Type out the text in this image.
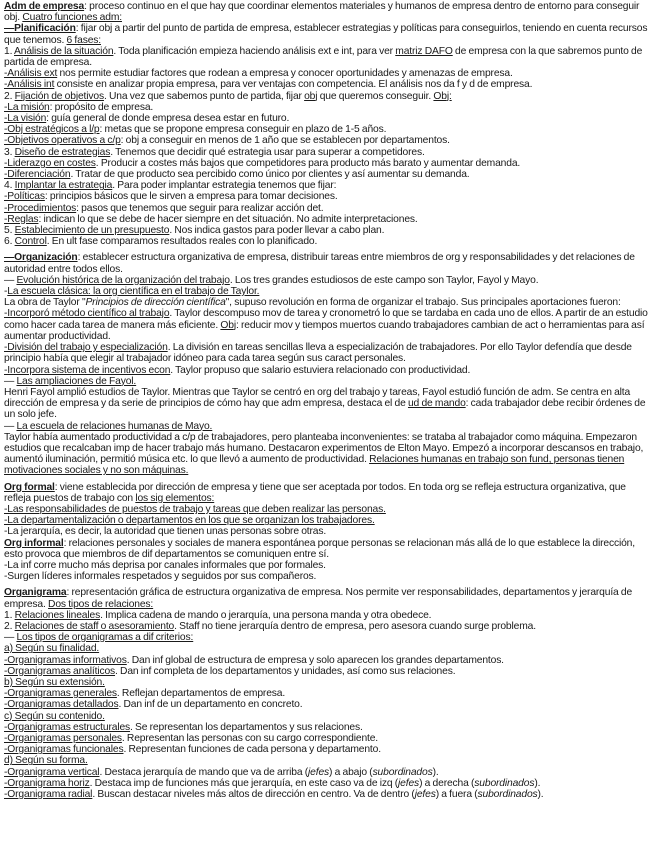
Adm de empresa: proceso continuo en el que hay que coordinar elementos materiales y humanos de empresa dentro de entorno para conseguir obj. Cuatro funciones adm:
—Planificación: fijar obj a partir del punto de partida de empresa, establecer estrategias y políticas para conseguirlos, teniendo en cuenta recursos que tenemos. 6 fases:
1. Análisis de la situación. Toda planificación empieza haciendo análisis ext e int, para ver matriz DAFO de empresa con la que sabremos punto de partida de empresa.
-Análisis ext nos permite estudiar factores que rodean a empresa y conocer oportunidades y amenazas de empresa.
-Análisis int consiste en analizar propia empresa, para ver ventajas con competencia. El análisis nos da f y d de empresa.
2. Fijación de objetivos. Una vez que sabemos punto de partida, fijar obj que queremos conseguir. Obj:
-La misión: propósito de empresa.
-La visión: guía general de donde empresa desea estar en futuro.
-Obj estratégicos a l/p: metas que se propone empresa conseguir en plazo de 1-5 años.
-Objetivos operativos a c/p: obj a conseguir en menos de 1 año que se establecen por departamentos.
3. Diseño de estrategias. Tenemos que decidir qué estrategia usar para superar a competidores.
-Liderazgo en costes. Producir a costes más bajos que competidores para producto más barato y aumentar demanda.
-Diferenciación. Tratar de que producto sea percibido como único por clientes y así aumentar su demanda.
4. Implantar la estrategia. Para poder implantar estrategia tenemos que fijar:
-Políticas: principios básicos que le sirven a empresa para tomar decisiones.
-Procedimientos: pasos que tenemos que seguir para realizar acción det.
-Reglas: indican lo que se debe de hacer siempre en det situación. No admite interpretaciones.
5. Establecimiento de un presupuesto. Nos indica gastos para poder llevar a cabo plan.
6. Control. En ult fase comparamos resultados reales con lo planificado.
—Organización: establecer estructura organizativa de empresa, distribuir tareas entre miembros de org y responsabilidades y det relaciones de autoridad entre todos ellos.
— Evolución histórica de la organización del trabajo. Los tres grandes estudiosos de este campo son Taylor, Fayol y Mayo.
-La escuela clásica: la org científica en el trabajo de Taylor.
La obra de Taylor "Principios de dirección científica", supuso revolución en forma de organizar el trabajo. Sus principales aportaciones fueron:
-Incorporó método científico al trabajo. Taylor descompuso mov de tarea y cronometró lo que se tardaba en cada uno de ellos. A partir de an estudio como hacer cada tarea de manera más eficiente. Obj: reducir mov y tiempos muertos cuando trabajadores cambian de act o herramientas para así aumentar productividad.
-División del trabajo y especialización. La división en tareas sencillas lleva a especialización de trabajadores. Por ello Taylor defendía que desde principio había que elegir al trabajador idóneo para cada tarea según sus caract personales.
-Incorpora sistema de incentivos econ. Taylor propuso que salario estuviera relacionado con productividad.
— Las ampliaciones de Fayol.
Henri Fayol amplió estudios de Taylor. Mientras que Taylor se centró en org del trabajo y tareas, Fayol estudió función de adm. Se centra en alta dirección de empresa y da serie de principios de cómo hay que adm empresa, destaca el de ud de mando: cada trabajador debe recibir órdenes de un solo jefe.
— La escuela de relaciones humanas de Mayo.
Taylor había aumentado productividad a c/p de trabajadores, pero planteaba inconvenientes: se trataba al trabajador como máquina. Empezaron estudios que recalcaban imp de hacer trabajo más humano. Destacaron experimentos de Elton Mayo. Empezó a incorporar descansos en trabajo, aumentó iluminación, permitió música etc. lo que llevó a aumento de productividad. Relaciones humanas en trabajo son fund, personas tienen motivaciones sociales y no son máquinas.
Org formal: viene establecida por dirección de empresa y tiene que ser aceptada por todos. En toda org se refleja estructura organizativa, que refleja puestos de trabajo con los sig elementos:
-Las responsabilidades de puestos de trabajo y tareas que deben realizar las personas.
-La departamentalización o departamentos en los que se organizan los trabajadores.
-La jerarquía, es decir, la autoridad que tienen unas personas sobre otras.
Org informal: relaciones personales y sociales de manera espontánea porque personas se relacionan más allá de lo que establece la dirección, esto provoca que miembros de dif departamentos se comuniquen entre sí.
-La inf corre mucho más deprisa por canales informales que por formales.
-Surgen líderes informales respetados y seguidos por sus compañeros.
Organigrama: representación gráfica de estructura organizativa de empresa. Nos permite ver responsabilidades, departamentos y jerarquía de empresa. Dos tipos de relaciones:
1. Relaciones lineales. Implica cadena de mando o jerarquía, una persona manda y otra obedece.
2. Relaciones de staff o asesoramiento. Staff no tiene jerarquía dentro de empresa, pero asesora cuando surge problema.
— Los tipos de organigramas a dif criterios:
a) Según su finalidad.
-Organigramas informativos. Dan inf global de estructura de empresa y solo aparecen los grandes departamentos.
-Organigramas analíticos. Dan inf completa de los departamentos y unidades, así como sus relaciones.
b) Según su extensión.
-Organigramas generales. Reflejan departamentos de empresa.
-Organigramas detallados. Dan inf de un departamento en concreto.
c) Según su contenido.
-Organigramas estructurales. Se representan los departamentos y sus relaciones.
-Organigramas personales. Representan las personas con su cargo correspondiente.
-Organigramas funcionales. Representan funciones de cada persona y departamento.
d) Según su forma.
-Organigrama vertical. Destaca jerarquía de mando que va de arriba (jefes) a abajo (subordinados).
-Organigrama horiz. Destaca imp de funciones más que jerarquía, en este caso va de izq (jefes) a derecha (subordinados).
-Organigrama radial. Buscan destacar niveles más altos de dirección en centro. Va de dentro (jefes) a fuera (subordinados).
